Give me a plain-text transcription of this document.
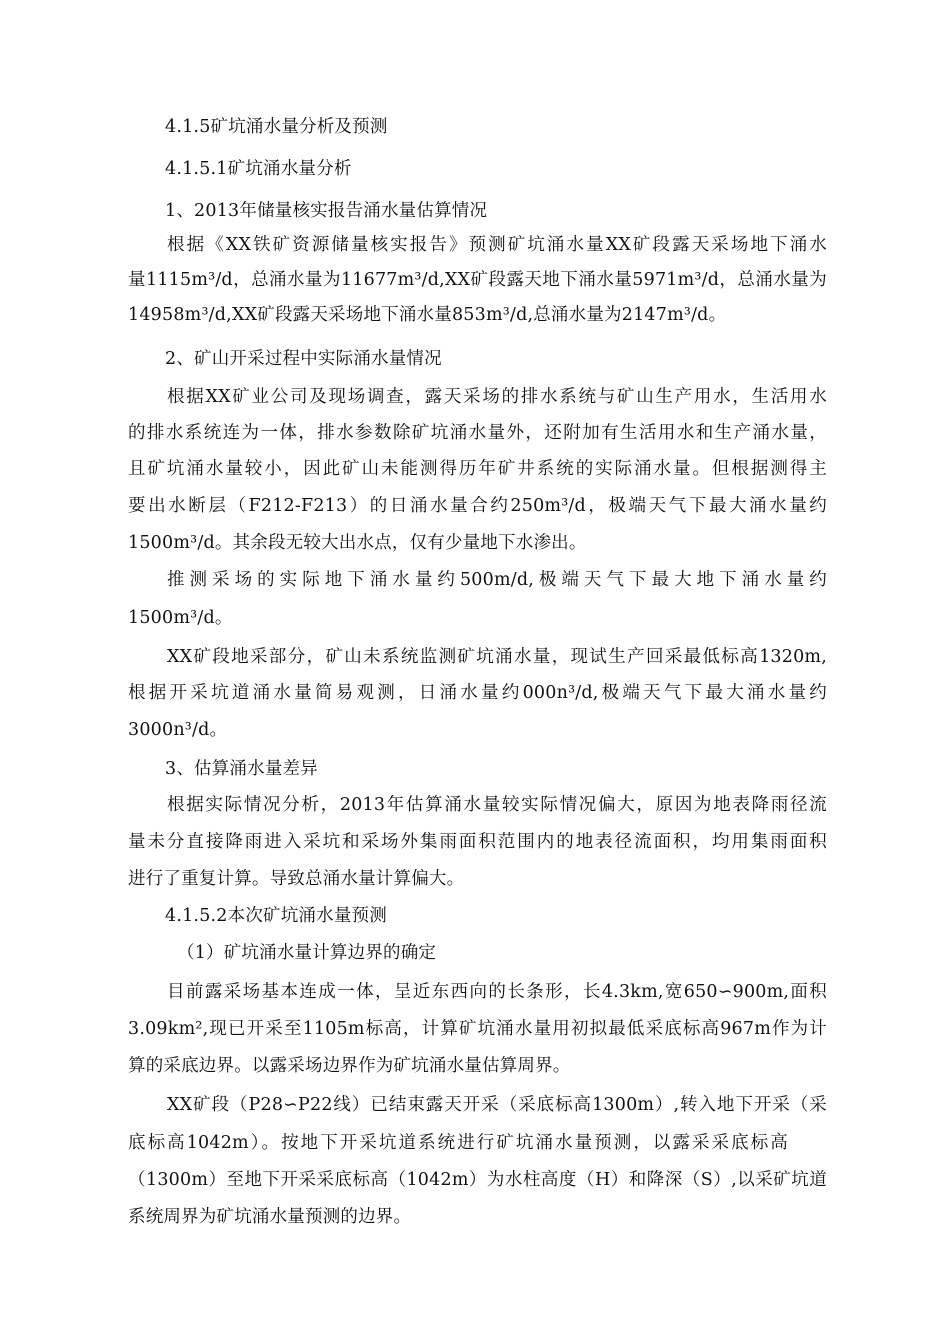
4.1.5矿坑涌水量分析及预测

4.1.5.1矿坑涌水量分析

1、2013年储量核实报告涌水量估算情况

根据《XX铁矿资源储量核实报告》预测矿坑涌水量XX矿段露天采场地下涌水

量1115m³/d，总涌水量为11677m³/d,XX矿段露天地下涌水量5971m³/d，总涌水量为

14958m³/d,XX矿段露天采场地下涌水量853m³/d,总涌水量为2147m³/d。

2、矿山开采过程中实际涌水量情况

根据XX矿业公司及现场调查，露天采场的排水系统与矿山生产用水，生活用水

的排水系统连为一体，排水参数除矿坑涌水量外，还附加有生活用水和生产涌水量，

且矿坑涌水量较小，因此矿山未能测得历年矿井系统的实际涌水量。但根据测得主

要出水断层（F212-F213）的日涌水量合约250m³/d，极端天气下最大涌水量约

1500m³/d。其余段无较大出水点，仅有少量地下水渗出。

推测采场的实际地下涌水量约500m/d,极端天气下最大地下涌水量约

1500m³/d。

XX矿段地采部分，矿山未系统监测矿坑涌水量，现试生产回采最低标高1320m,

根据开采坑道涌水量简易观测，日涌水量约000n³/d,极端天气下最大涌水量约

3000n³/d。

3、估算涌水量差异

根据实际情况分析，2013年估算涌水量较实际情况偏大，原因为地表降雨径流

量未分直接降雨进入采坑和采场外集雨面积范围内的地表径流面积，均用集雨面积

进行了重复计算。导致总涌水量计算偏大。

4.1.5.2本次矿坑涌水量预测

（1）矿坑涌水量计算边界的确定

目前露采场基本连成一体，呈近东西向的长条形，长4.3km,宽650∽900m,面积

3.09km²,现已开采至1105m标高，计算矿坑涌水量用初拟最低采底标高967m作为计

算的采底边界。以露采场边界作为矿坑涌水量估算周界。

XX矿段（P28∽P22线）已结束露天开采（采底标高1300m）,转入地下开采（采

底标高1042m）。按地下开采坑道系统进行矿坑涌水量预测，以露采采底标高

（1300m）至地下开采采底标高（1042m）为水柱高度（H）和降深（S）,以采矿坑道

系统周界为矿坑涌水量预测的边界。
